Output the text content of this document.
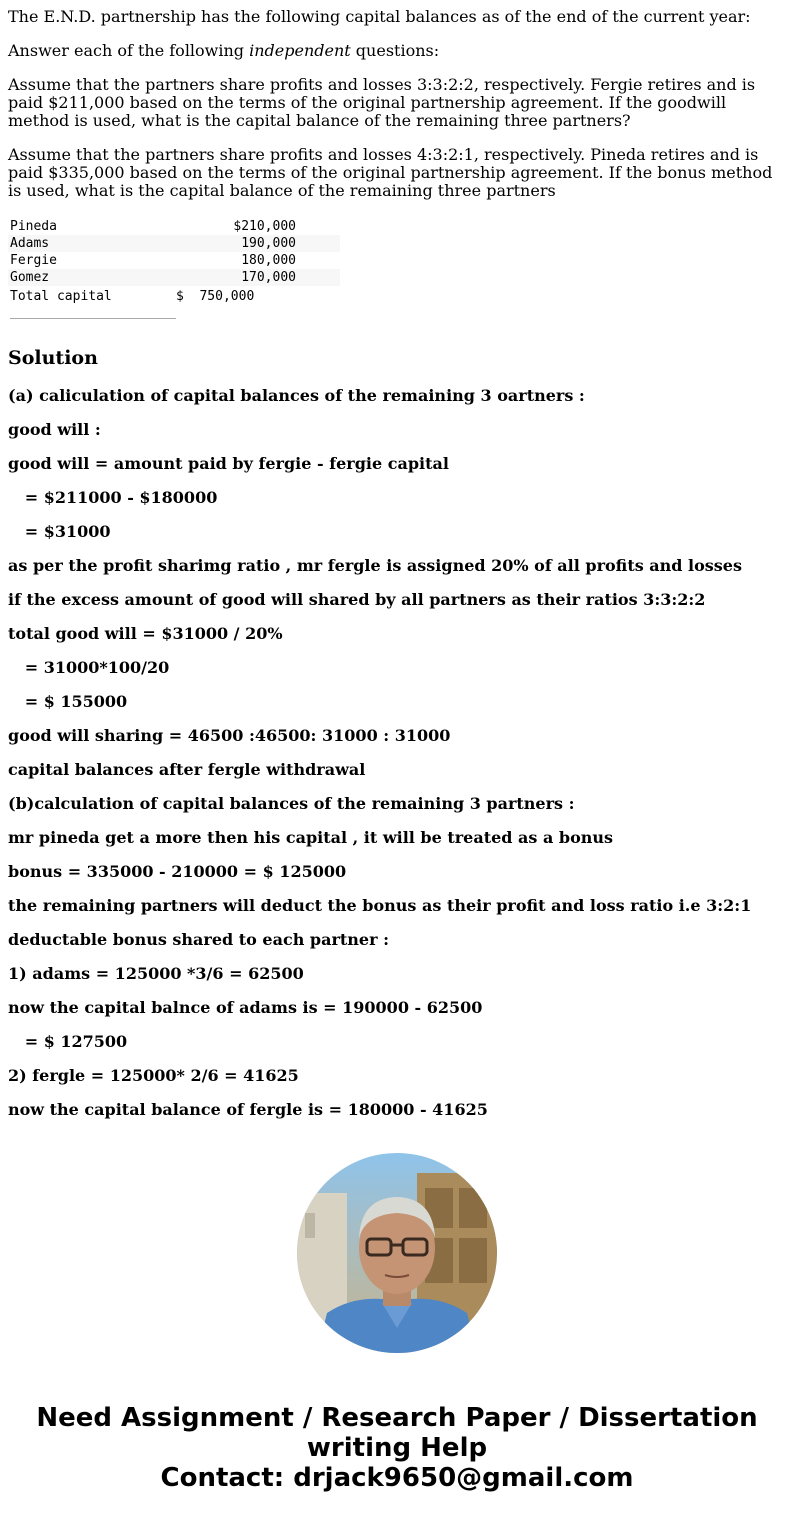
The E.N.D. partnership has the following capital balances as of the end of the current year:

Answer each of the following independent questions:

Assume that the partners share profits and losses 3:3:2:2, respectively. Fergie retires and is paid $211,000 based on the terms of the original partnership agreement. If the goodwill method is used, what is the capital balance of the remaining three partners?

Assume that the partners share profits and losses 4:3:2:1, respectively. Pineda retires and is paid $335,000 based on the terms of the original partnership agreement. If the bonus method is used, what is the capital balance of the remaining three partners

Pineda	$210,000
Adams	190,000
Fergie	180,000
Gomez	170,000
Total capital	$  750,000
Solution

(a) caliculation of capital balances of the remaining 3 oartners :

good will :

good will = amount paid by fergie - fergie capital

= $211000 - $180000

= $31000

as per the profit sharimg ratio , mr fergle is assigned 20% of all profits and losses

if the excess amount of good will shared by all partners as their ratios 3:3:2:2

total good will = $31000 / 20%

= 31000*100/20

= $ 155000

good will sharing = 46500 :46500: 31000 : 31000

capital balances after fergle withdrawal

(b)calculation of capital balances of the remaining 3 partners :

mr pineda get a more then his capital , it will be treated as a bonus

bonus = 335000 - 210000 = $ 125000

the remaining partners will deduct the bonus as their profit and loss ratio i.e 3:2:1

deductable bonus shared to each partner :

1) adams = 125000 *3/6 = 62500

now the capital balnce of adams is = 190000 - 62500

= $ 127500

2) fergle = 125000* 2/6 = 41625

now the capital balance of fergle is = 180000 - 41625

Need Assignment / Research Paper / Dissertation
writing Help
Contact: drjack9650@gmail.com
